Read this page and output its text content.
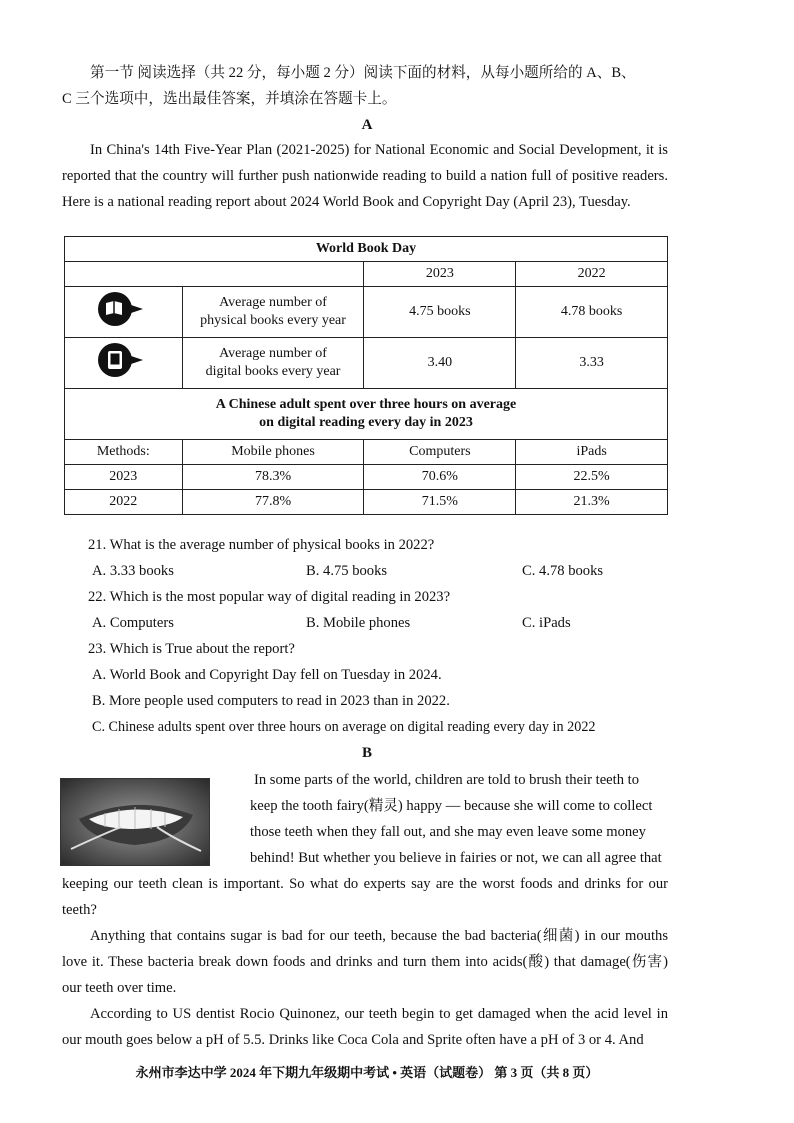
第一节 阅读选择（共 22 分，每小题 2 分）阅读下面的材料，从每小题所给的 A、B、

C 三个选项中，选出最佳答案，并填涂在答题卡上。

A

In China's 14th Five-Year Plan (2021-2025) for National Economic and Social Development, it is reported that the country will further push nationwide reading to build a nation full of positive readers. Here is a national reading report about 2024 World Book and Copyright Day (April 23), Tuesday.

World Book Day			
		2023	2022

Average number of
physical books every year	4.75 books	4.78 books

Average number of
digital books every year	3.40	3.33

A Chinese adult spent over three hours on average
on digital reading every day in 2023			

Methods:	Mobile phones	Computers	iPads
2023	78.3%	70.6%	22.5%
2022	77.8%	71.5%	21.3%

21. What is the average number of physical books in 2022?

A. 3.33 books	B. 4.75 books	C. 4.78 books

22. Which is the most popular way of digital reading in 2023?

A. Computers	B. Mobile phones	C. iPads

23. Which is True about the report?

A. World Book and Copyright Day fell on Tuesday in 2024.

B. More people used computers to read in 2023 than in 2022.

C. Chinese adults spent over three hours on average on digital reading every day in 2022

B

In some parts of the world, children are told to brush their teeth to

keep the tooth fairy(精灵) happy — because she will come to collect

those teeth when they fall out, and she may even leave some money

behind! But whether you believe in fairies or not, we can all agree that

keeping our teeth clean is important. So what do experts say are the worst foods and drinks for our teeth?

Anything that contains sugar is bad for our teeth, because the bad bacteria(细菌) in our mouths love it. These bacteria break down foods and drinks and turn them into acids(酸) that damage(伤害) our teeth over time.

According to US dentist Rocio Quinonez, our teeth begin to get damaged when the acid level in our mouth goes below a pH of 5.5. Drinks like Coca Cola and Sprite often have a pH of 3 or 4. And

永州市李达中学 2024 年下期九年级期中考试 • 英语（试题卷） 第 3 页（共 8 页）
